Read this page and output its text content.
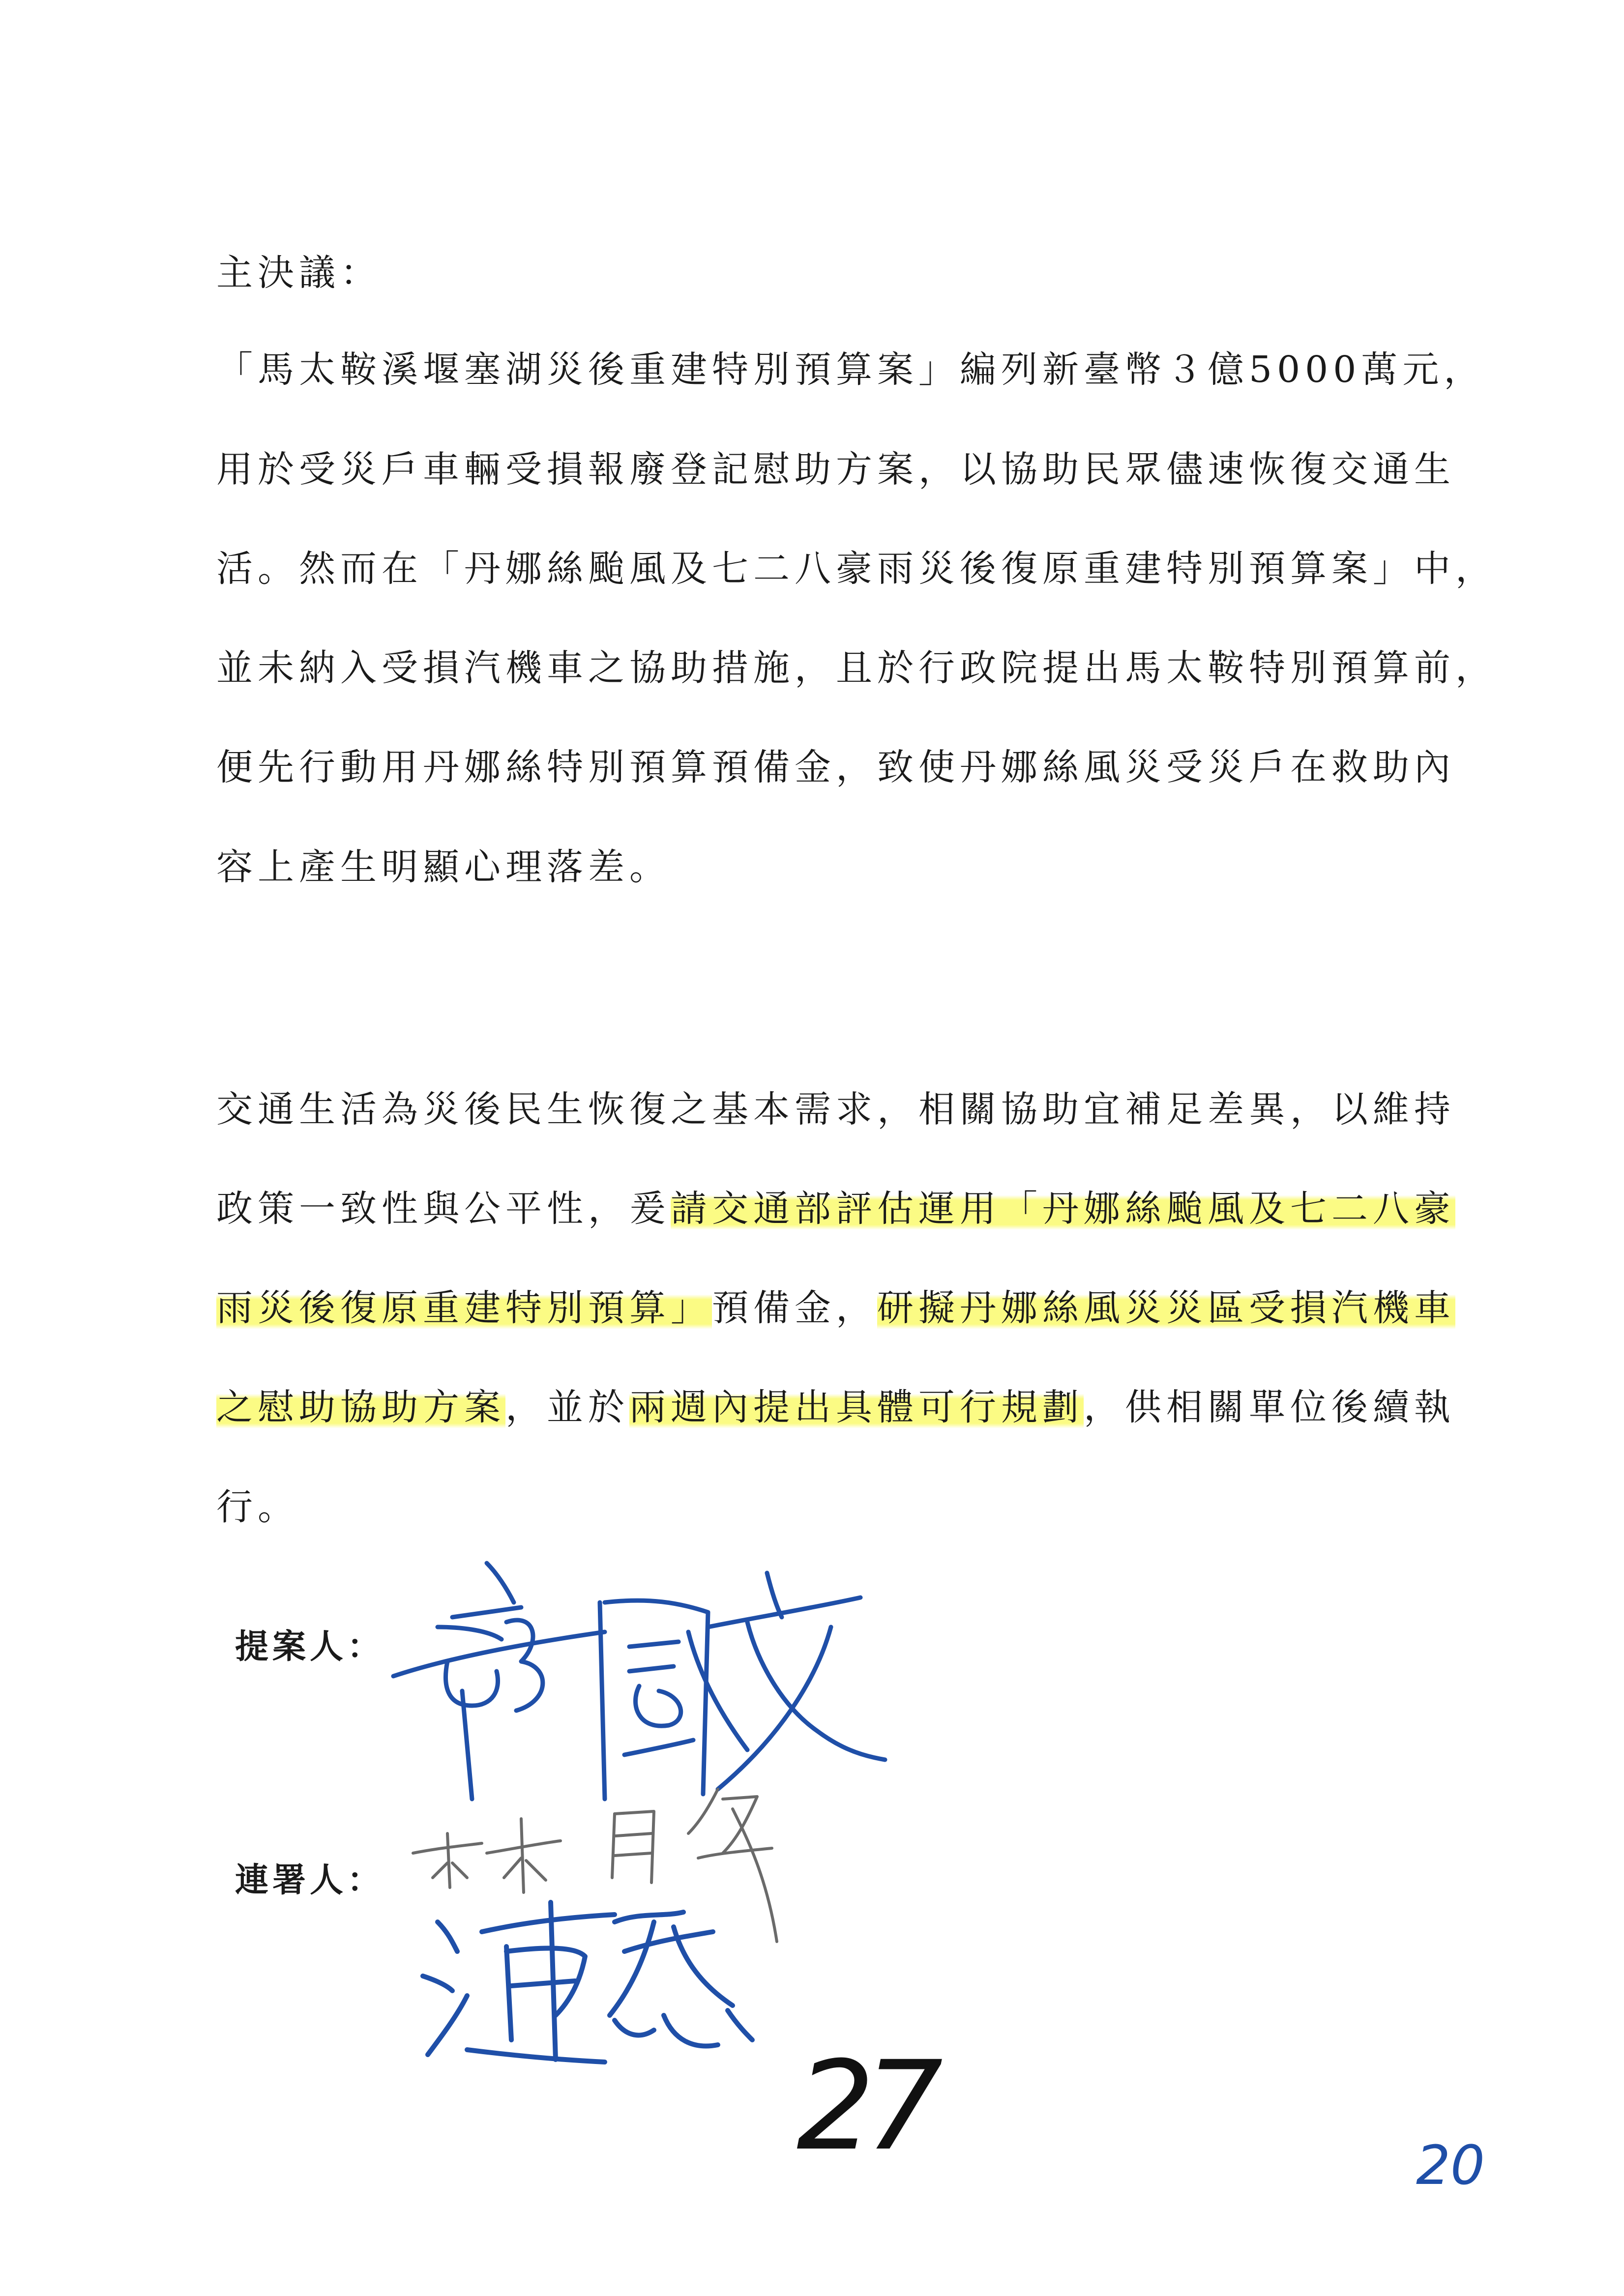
主決議：
「馬太鞍溪堰塞湖災後重建特別預算案」編列新臺幣３億5000萬元，
用於受災戶車輛受損報廢登記慰助方案，以協助民眾儘速恢復交通生
活。然而在「丹娜絲颱風及七二八豪雨災後復原重建特別預算案」中，
並未納入受損汽機車之協助措施，且於行政院提出馬太鞍特別預算前，
便先行動用丹娜絲特別預算預備金，致使丹娜絲風災受災戶在救助內
容上產生明顯心理落差。
交通生活為災後民生恢復之基本需求，相關協助宜補足差異，以維持
政策一致性與公平性，爰請交通部評估運用「丹娜絲颱風及七二八豪
雨災後復原重建特別預算」預備金，研擬丹娜絲風災災區受損汽機車
之慰助協助方案，並於兩週內提出具體可行規劃，供相關單位後續執
行。
提案人：
連署人：
27	20
